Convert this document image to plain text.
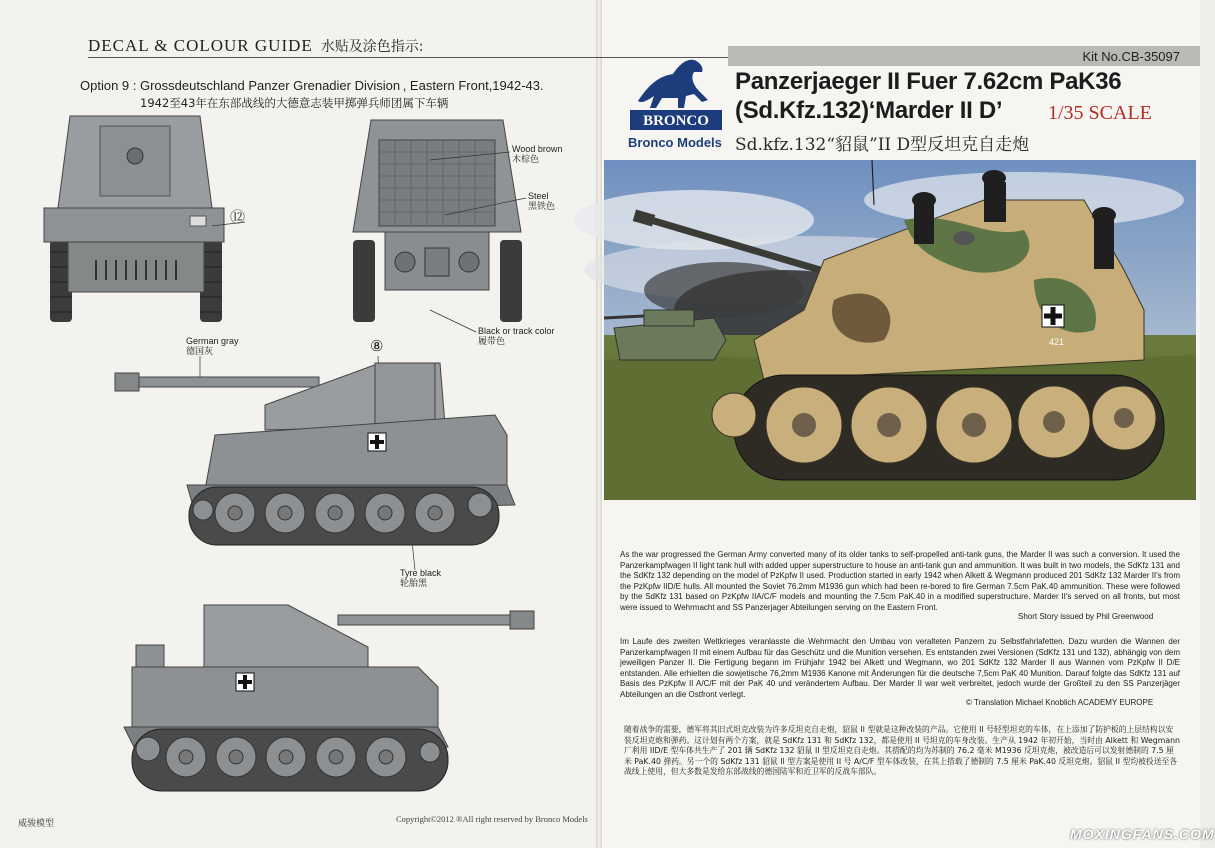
DECAL & COLOUR GUIDE 水贴及涂色指示:
Option 9 : Grossdeutschland Panzer Grenadier Division , Eastern Front,1942-43.
1942至43年在东部战线的大德意志装甲掷弹兵师团属下车辆
⑫
Wood brown
木棕色
Steel
黑铁色
Black or track color
履带色
German gray
德国灰	⑧
Tyre black
轮胎黑
威骏模型	Copyright©2012 ®All right reserved by Bronco Models
Kit No.CB-35097
BRONCO
Bronco Models
Panzerjaeger II Fuer 7.62cm PaK36
(Sd.Kfz.132)‘Marder II D’ 1/35 SCALE
Sd.kfz.132“貂鼠”II D型反坦克自走炮
421
As the war progressed the German Army converted many of its older tanks to self-propelled anti-tank guns, the Marder II was such a conversion. It used the Panzerkampfwagen II light tank hull with added upper superstructure to house an anti-tank gun and ammunition. It was built in two models, the SdKfz 131 and the SdKfz 132 depending on the model of PzKpfw II used. Production started in early 1942 when Alkett & Wegmann produced 201 SdKfz 132 Marder II's from the PzKpfw IID/E hulls. All mounted the Soviet 76.2mm M1936 gun which had been re-bored to fire German 7.5cm PaK.40 ammunition. These were followed by the SdKfz 131 based on PzKpfw IIA/C/F models and mounting the 7.5cm PaK.40 in a modified superstructure. Marder II's served on all fronts, but most were issued to Wehrmacht and SS Panzerjager Abteilungen serving on the Eastern Front.
Short Story issued by Phil Greenwood
Im Laufe des zweiten Weltkrieges veranlasste die Wehrmacht den Umbau von veralteten Panzern zu Selbstfahrlafetten. Dazu wurden die Wannen der Panzerkampfwagen II mit einem Aufbau für das Geschütz und die Munition versehen. Es entstanden zwei Versionen (SdKfz 131 und 132), abhängig von dem jeweiligen Panzer II. Die Fertigung begann im Frühjahr 1942 bei Alkett und Wegmann, wo 201 SdKfz 132 Marder II aus Wannen vom PzKpfw II D/E entstanden. Alle erhielten die sowjetische 76,2mm M1936 Kanone mit Änderungen für die deutsche 7,5cm PaK 40 Munition. Darauf folgte das SdKfz 131 auf Basis des PzKpfw II A/C/F mit der PaK 40 und verändertem Aufbau. Der Marder II war weit verbreitet, jedoch wurde der Großteil zu den SS Panzerjäger Abteilungen an die Ostfront verlegt.
© Translation Michael Knoblich ACADEMY EUROPE
随着战争的需要，德军将其旧式坦克改装为许多反坦克自走炮，貂鼠 II 型就是这种改装的产品。它使用 II 号轻型坦克的车体，在上添加了防护板的上层结构以安装反坦克炮和弹药。这计划有两个方案，就是 SdKfz 131 和 SdKfz 132，都是使用 II 号坦克的车身改装。生产从 1942 年初开始，当时由 Alkett 和 Wegmann 厂利用 IID/E 型车体共生产了 201 辆 SdKfz 132 貂鼠 II 型反坦克自走炮。其搭配的均为苏制的 76.2 毫米 M1936 反坦克炮，被改造后可以发射德制的 7.5 厘米 PaK.40 弹药。另一个的 SdKfz 131 貂鼠 II 型方案是使用 II 号 A/C/F 型车体改装，在其上搭载了德制的 7.5 厘米 PaK.40 反坦克炮。貂鼠 II 型均被投送至各战线上使用，但大多数是发给东部战线的德国陆军和近卫军的反战车部队。
MOXINGFANS.COM
